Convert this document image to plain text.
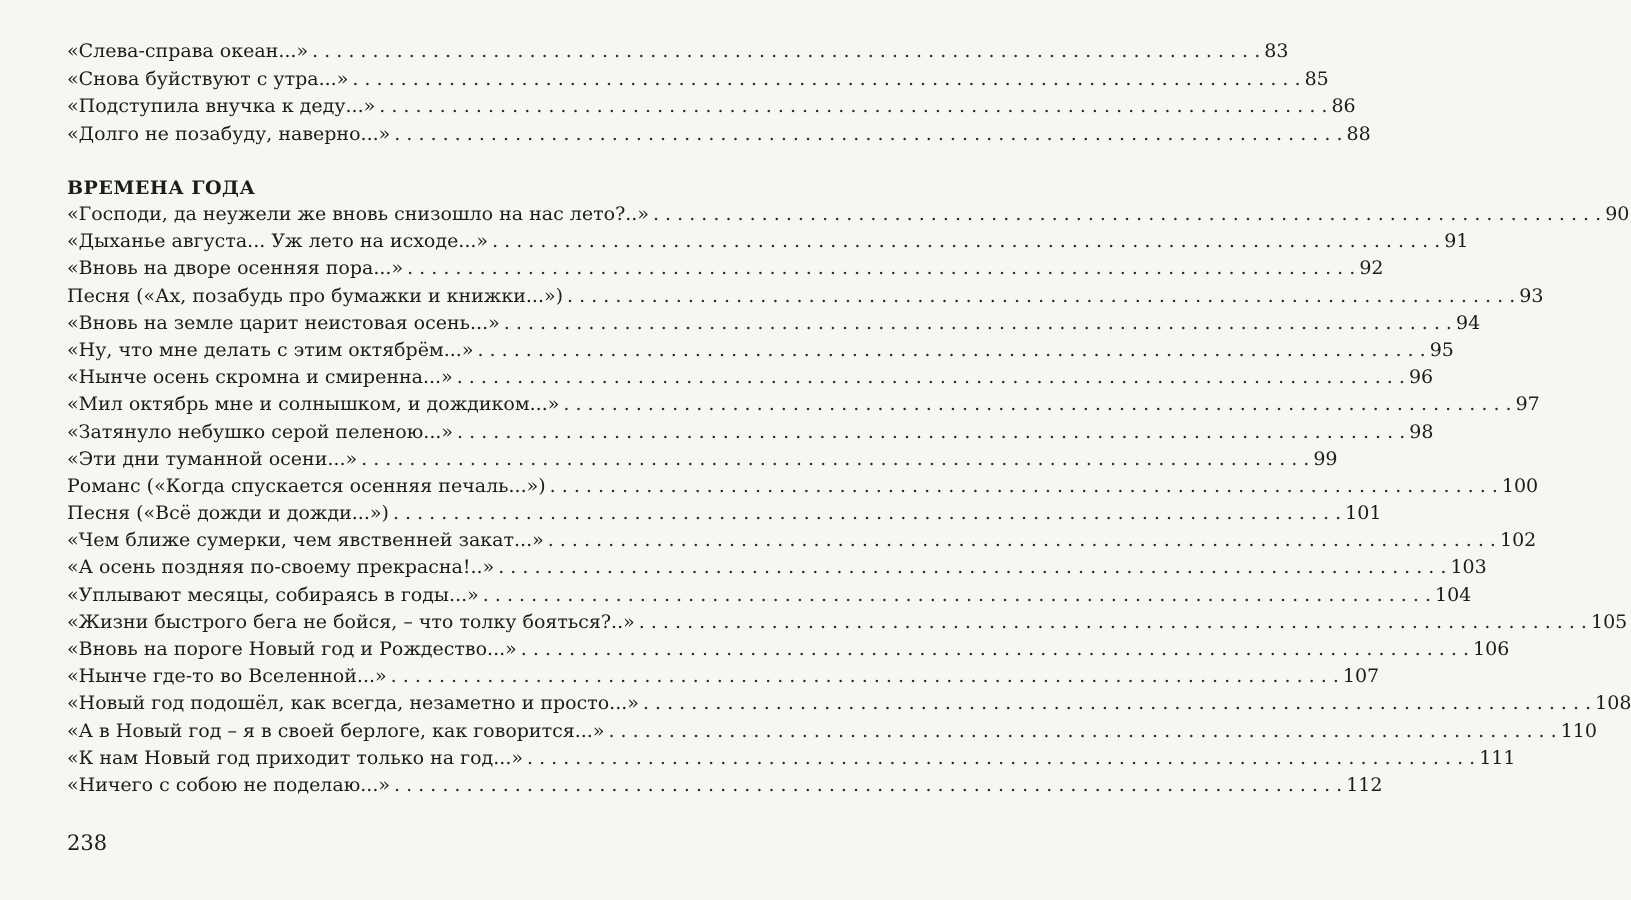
«Слева-справа океан...» . . .	83
«Снова буйствуют с утра...» . . .	85
«Подступила внучка к деду...» . . .	86
«Долго не позабуду, наверно...» . . .	88
ВРЕМЕНА ГОДА
«Господи, да неужели же вновь снизошло на нас лето?..» . . .	90
«Дыханье августа... Уж лето на исходе...» . . .	91
«Вновь на дворе осенняя пора...» . . .	92
Песня («Ах, позабудь про бумажки и книжки...») . . .	93
«Вновь на земле царит неистовая осень...» . . .	94
«Ну, что мне делать с этим октябрём...» . . .	95
«Нынче осень скромна и смиренна...» . . .	96
«Мил октябрь мне и солнышком, и дождиком...» . . .	97
«Затянуло небушко серой пеленою...» . . .	98
«Эти дни туманной осени...» . . .	99
Романс («Когда спускается осенняя печаль...») . . .	100
Песня («Всё дожди и дожди...») . . .	101
«Чем ближе сумерки, чем явственней закат...» . . .	102
«А осень поздняя по-своему прекрасна!..» . . .	103
«Уплывают месяцы, собираясь в годы...» . . .	104
«Жизни быстрого бега не бойся, – что толку бояться?..» . . .	105
«Вновь на пороге Новый год и Рождество...» . . .	106
«Нынче где-то во Вселенной...» . . .	107
«Новый год подошёл, как всегда, незаметно и просто...» . . .	108
«А в Новый год – я в своей берлоге, как говорится...» . . .	110
«К нам Новый год приходит только на год...» . . .	111
«Ничего с собою не поделаю...» . . .	112
238
